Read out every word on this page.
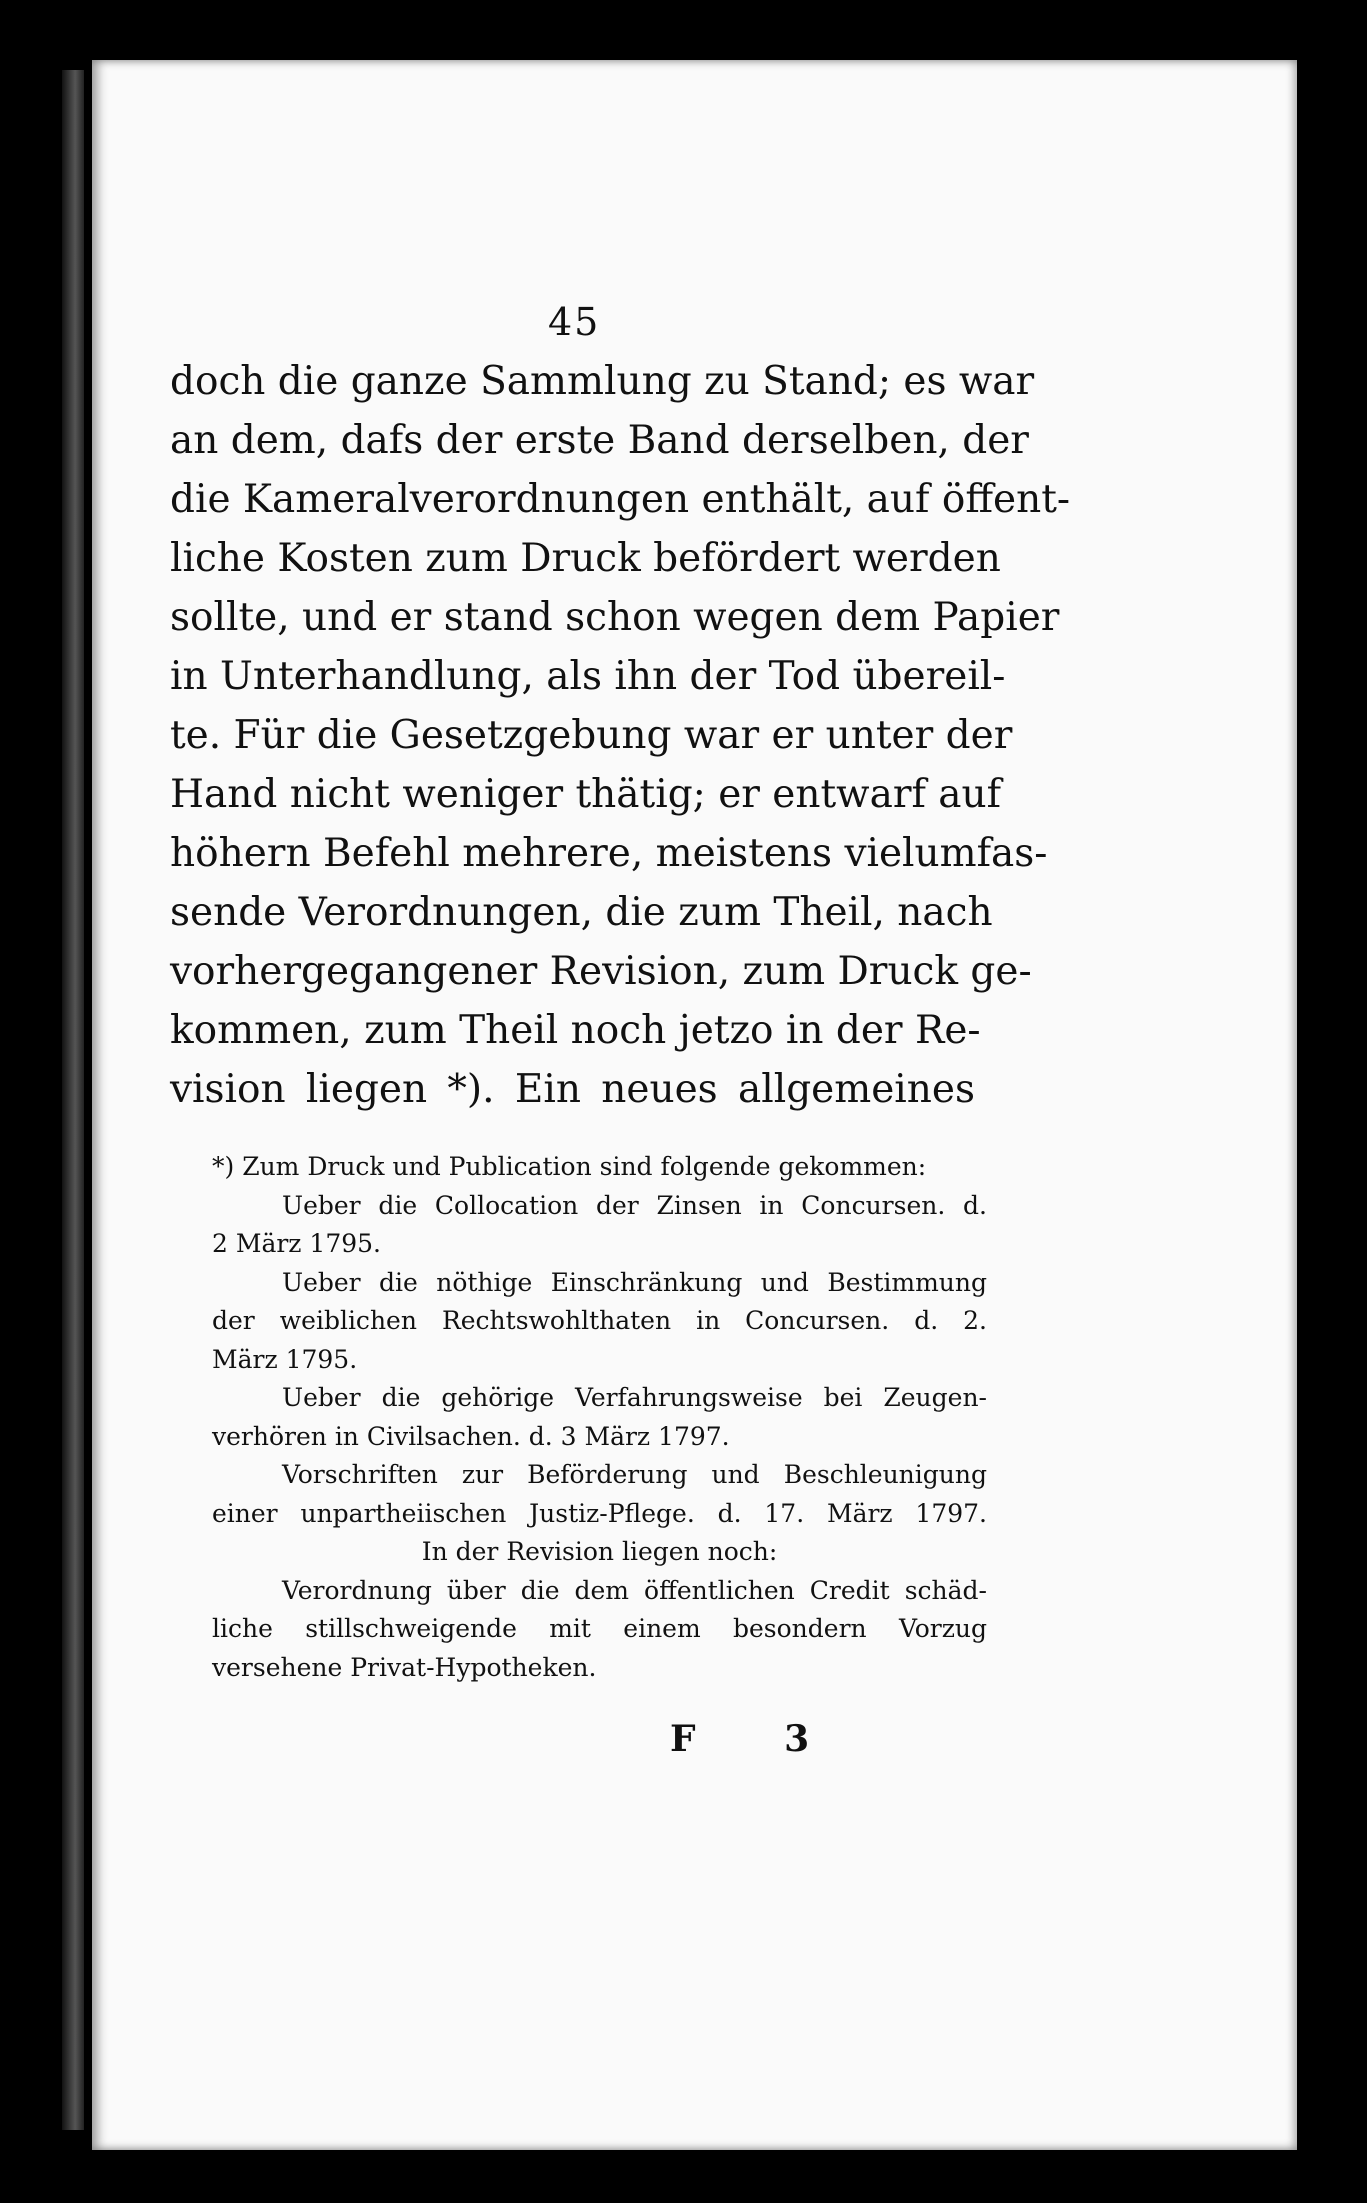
45
doch die ganze Sammlung zu Stand; es war
an dem, dafs der erste Band derselben, der
die Kameralverordnungen enthält, auf öffent-
liche Kosten zum Druck befördert werden
sollte, und er stand schon wegen dem Papier
in Unterhandlung, als ihn der Tod übereil-
te. Für die Gesetzgebung war er unter der
Hand nicht weniger thätig; er entwarf auf
höhern Befehl mehrere, meistens vielumfas-
sende Verordnungen, die zum Theil, nach
vorhergegangener Revision, zum Druck ge-
kommen, zum Theil noch jetzo in der Re-
vision liegen *). Ein neues allgemeines
*) Zum Druck und Publication sind folgende gekommen:
Ueber die Collocation der Zinsen in Concursen. d.
2 März 1795.
Ueber die nöthige Einschränkung und Bestimmung
der weiblichen Rechtswohlthaten in Concursen. d. 2.
März 1795.
Ueber die gehörige Verfahrungsweise bei Zeugen-
verhören in Civilsachen. d. 3 März 1797.
Vorschriften zur Beförderung und Beschleunigung
einer unpartheiischen Justiz-Pflege. d. 17. März 1797.
In der Revision liegen noch:
Verordnung über die dem öffentlichen Credit schäd-
liche stillschweigende mit einem besondern Vorzug
versehene Privat-Hypotheken.
F 3
